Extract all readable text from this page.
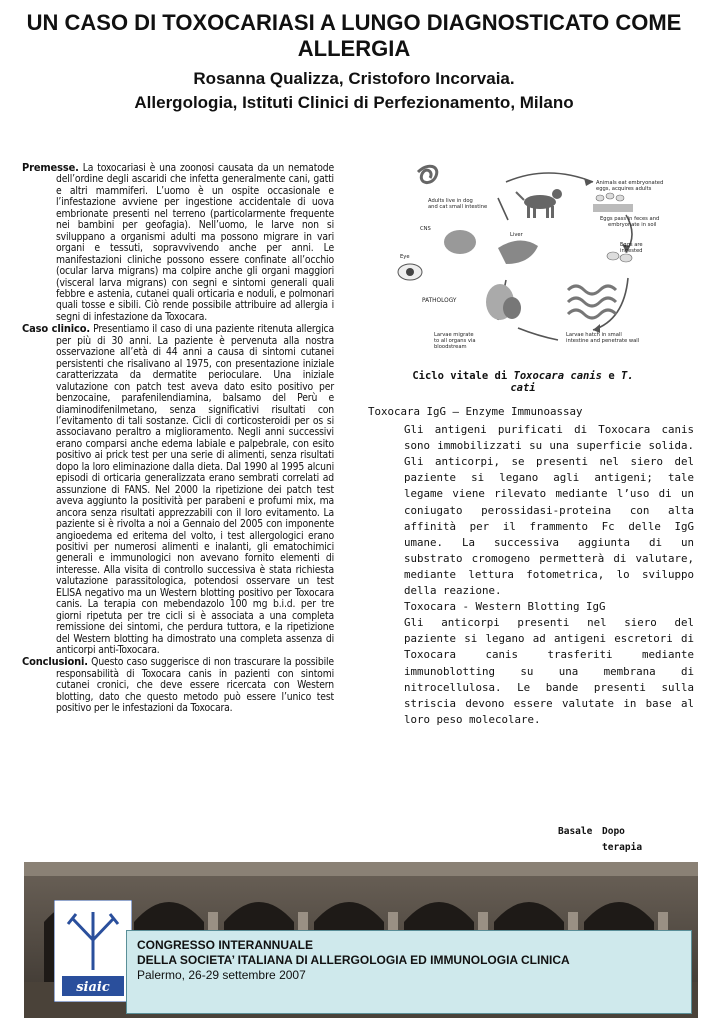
UN CASO DI TOXOCARIASI A LUNGO DIAGNOSTICATO COME ALLERGIA
Rosanna Qualizza, Cristoforo Incorvaia.
Allergologia, Istituti Clinici di Perfezionamento, Milano

Premesse. La toxocariasi è una zoonosi causata da un nematode dell’ordine degli ascaridi che infetta generalmente cani, gatti e altri mammiferi. L’uomo è un ospite occasionale e l’infestazione avviene per ingestione accidentale di uova embrionate presenti nel terreno (particolarmente frequente nei bambini per geofagia). Nell’uomo, le larve non si sviluppano a organismi adulti ma possono migrare in vari organi e tessuti, sopravvivendo anche per anni. Le manifestazioni cliniche possono essere confinate all’occhio (ocular larva migrans) ma colpire anche gli organi maggiori (visceral larva migrans) con segni e sintomi generali quali febbre e astenia, cutanei quali orticaria e noduli, e polmonari quali tosse e sibili. Ciò rende possibile attribuire ad allergia i segni di infestazione da Toxocara.

Caso clinico. Presentiamo il caso di una paziente ritenuta allergica per più di 30 anni. La paziente è pervenuta alla nostra osservazione all’età di 44 anni a causa di sintomi cutanei persistenti che risalivano al 1975, con presentazione iniziale caratterizzata da dermatite periocularе. Una iniziale valutazione con patch test aveva dato esito positivo per benzocaine, parafenilendiamina, balsamo del Perù e diaminodifenilmetano, senza significativi risultati con l’evitamento di tali sostanze. Cicli di corticosteroidi per os si associavano peraltro a miglioramento. Negli anni successivi erano comparsi anche edema labiale e palpebrale, con esito positivo ai prick test per una serie di alimenti, senza risultati dopo la loro eliminazione dalla dieta. Dal 1990 al 1995 alcuni episodi di orticaria generalizzata erano sembrati correlati ad assunzione di FANS. Nel 2000 la ripetizione dei patch test aveva aggiunto la positività per parabeni e profumi mix, ma ancora senza risultati apprezzabili con il loro evitamento. La paziente si è rivolta a noi a Gennaio del 2005 con imponente angioedema ed eritema del volto, i test allergologici erano positivi per numerosi alimenti e inalanti, gli ematochimici generali e immunologici non avevano fornito elementi di interesse. Alla visita di controllo successiva è stata richiesta valutazione parassitologica, potendosi osservare un test ELISA negativo ma un Western blotting positivo per Toxocara canis. La terapia con mebendazolo 100 mg b.i.d. per tre giorni ripetuta per tre cicli si è associata a una completa remissione dei sintomi, che perdura tuttora, e la ripetizione del Western blotting ha dimostrato una completa assenza di anticorpi anti-Toxocara.

Conclusioni. Questo caso suggerisce di non trascurare la possibile responsabilità di Toxocara canis in pazienti con sintomi cutanei cronici, che deve essere ricercata con Western blotting, dato che questo metodo può essere l’unico test positivo per le infestazioni da Toxocara.

Adults live in dog
and cat small intestine
Animals eat embryonated
eggs, acquires adults
Eggs pass in feces and
embryonate in soil
CNS
Liver
Eye
Eggs are
ingested
PATHOLOGY
Larvae migrate
to all organs via
bloodstream
Larvae hatch in small
intestine and penetrate wall
Ciclo vitale di Toxocara canis e T. cati

Toxocara IgG – Enzyme Immunoassay

Gli antigeni purificati di Toxocara canis sono immobilizzati su una superficie solida. Gli anticorpi, se presenti nel siero del paziente si legano agli antigeni; tale legame viene rilevato mediante l’uso di un coniugato perossidasi-proteina con alta affinità per il frammento Fc delle IgG umane. La successiva aggiunta di un substrato cromogeno permetterà di valutare, mediante lettura fotometrica, lo sviluppo della reazione.

Toxocara - Western Blotting IgG

Gli anticorpi presenti nel siero del paziente si legano ad antigeni escretori di Toxocara canis trasferiti mediante immunoblotting su una membrana di nitrocellulosa. Le bande presenti sulla striscia devono essere valutate in base al loro peso molecolare.

Basale Dopo
terapia
siaic
CONGRESSO INTERANNUALE
DELLA SOCIETA’ ITALIANA DI ALLERGOLOGIA ED IMMUNOLOGIA CLINICA
Palermo, 26-29 settembre 2007
